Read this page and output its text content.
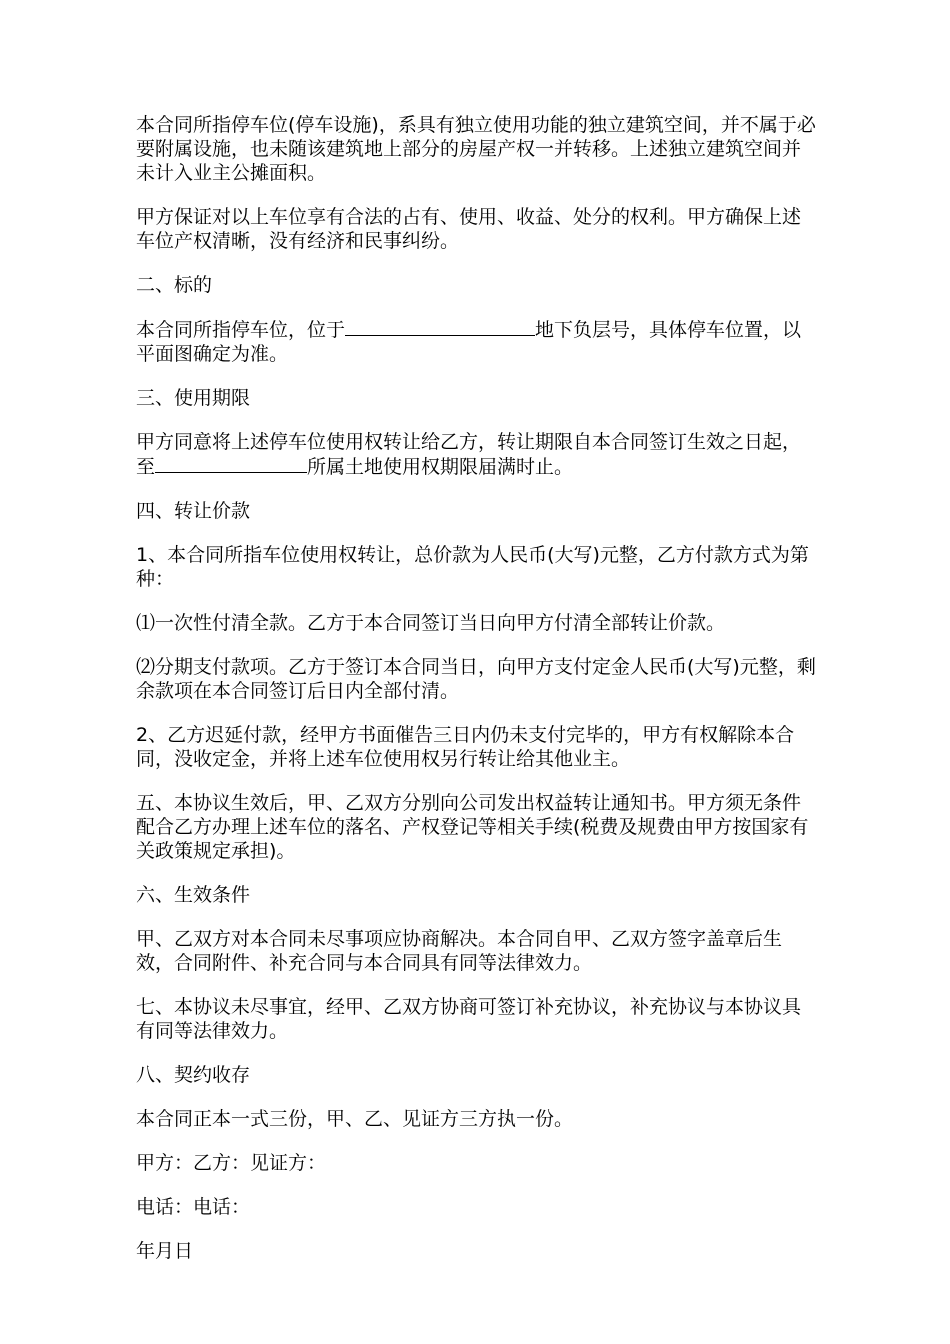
本合同所指停车位(停车设施)，系具有独立使用功能的独立建筑空间，并不属于必要附属设施，也未随该建筑地上部分的房屋产权一并转移。上述独立建筑空间并未计入业主公摊面积。

甲方保证对以上车位享有合法的占有、使用、收益、处分的权利。甲方确保上述车位产权清晰，没有经济和民事纠纷。

二、标的

本合同所指停车位，位于	地下负层号，具体停车位置，以平面图确定为准。

三、使用期限

甲方同意将上述停车位使用权转让给乙方，转让期限自本合同签订生效之日起，至	所属土地使用权期限届满时止。

四、转让价款

1、本合同所指车位使用权转让，总价款为人民币(大写)元整，乙方付款方式为第种：

⑴一次性付清全款。乙方于本合同签订当日向甲方付清全部转让价款。

⑵分期支付款项。乙方于签订本合同当日，向甲方支付定金人民币(大写)元整，剩余款项在本合同签订后日内全部付清。

2、乙方迟延付款，经甲方书面催告三日内仍未支付完毕的，甲方有权解除本合同，没收定金，并将上述车位使用权另行转让给其他业主。

五、本协议生效后，甲、乙双方分别向公司发出权益转让通知书。甲方须无条件配合乙方办理上述车位的落名、产权登记等相关手续(税费及规费由甲方按国家有关政策规定承担)。

六、生效条件

甲、乙双方对本合同未尽事项应协商解决。本合同自甲、乙双方签字盖章后生效，合同附件、补充合同与本合同具有同等法律效力。

七、本协议未尽事宜，经甲、乙双方协商可签订补充协议，补充协议与本协议具有同等法律效力。

八、契约收存

本合同正本一式三份，甲、乙、见证方三方执一份。

甲方：乙方：见证方：

电话：电话：

年月日
